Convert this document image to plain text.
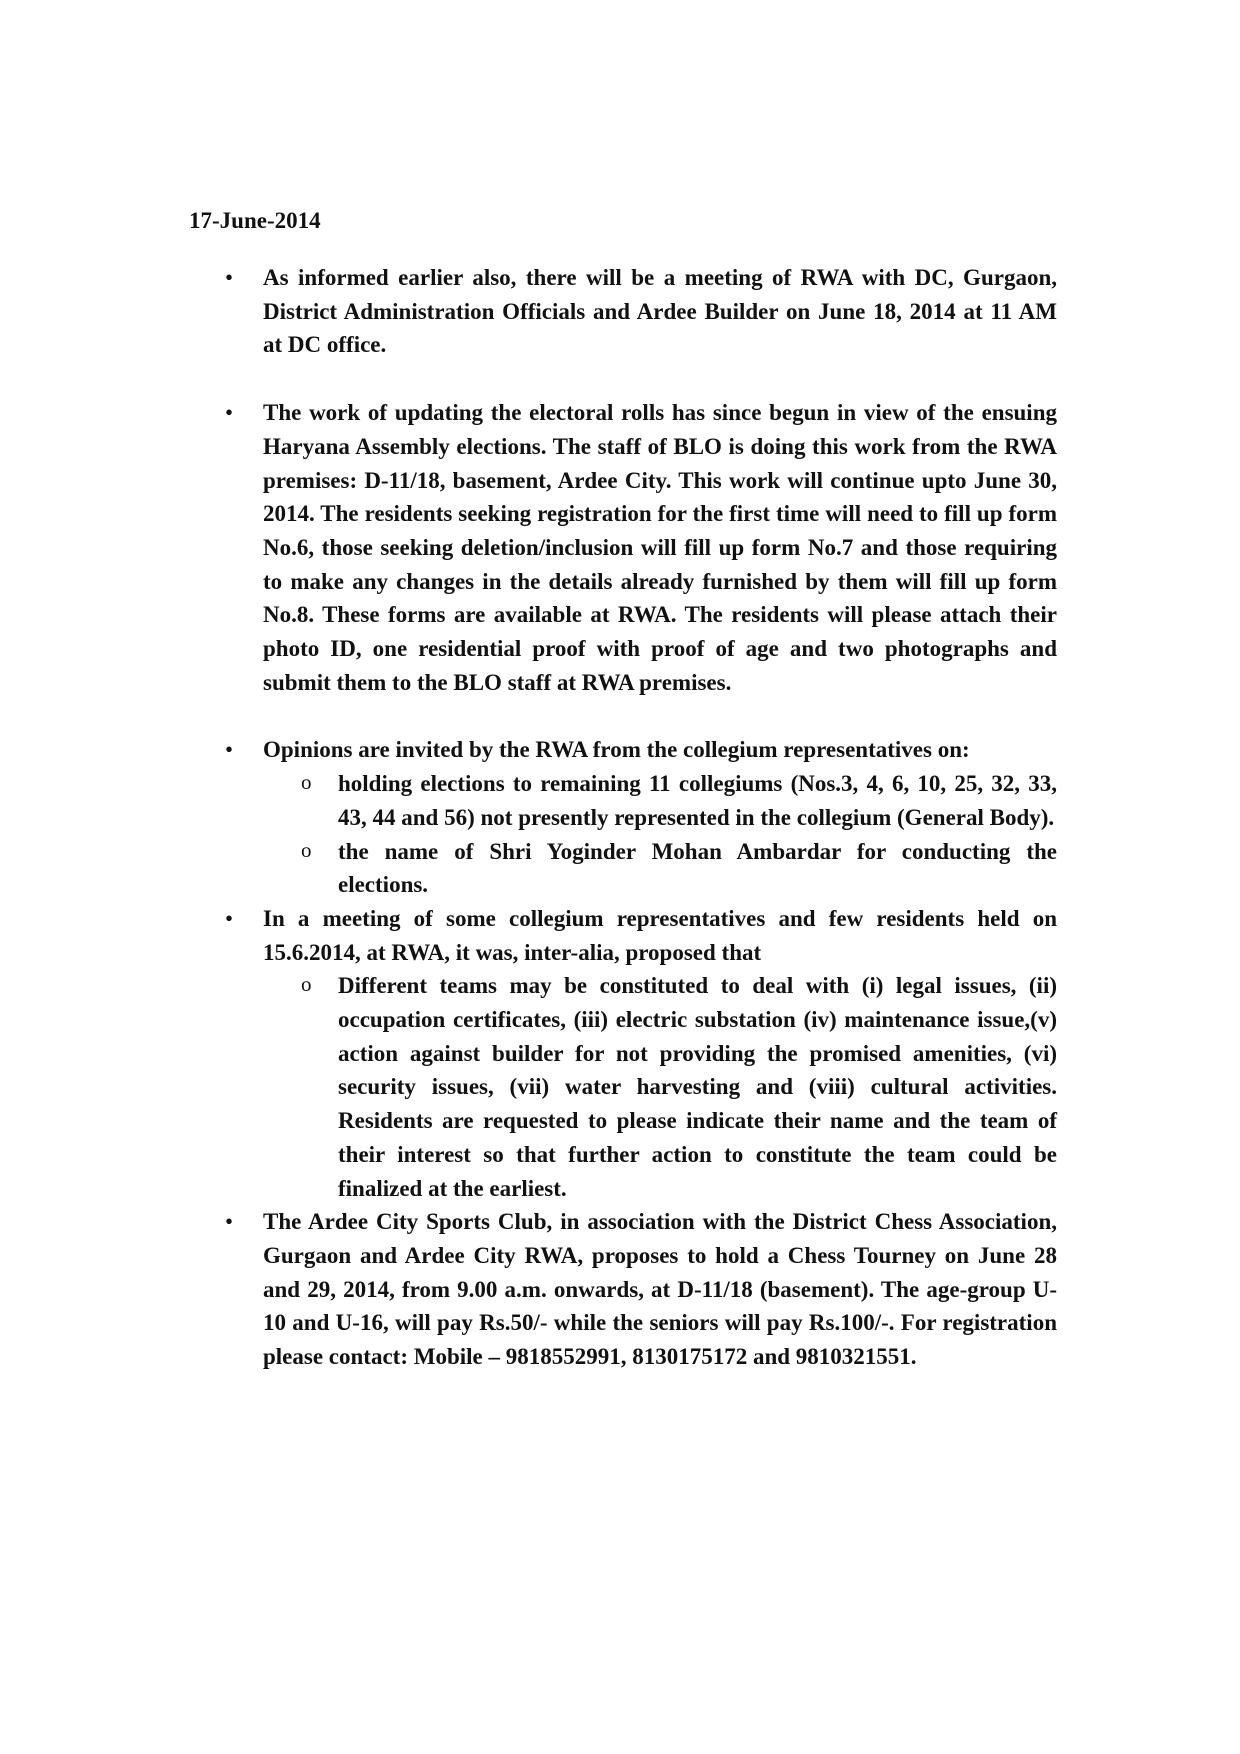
17-June-2014

• As informed earlier also, there will be a meeting of RWA with DC, Gurgaon, District Administration Officials and Ardee Builder on June 18, 2014 at 11 AM at DC office.
• The work of updating the electoral rolls has since begun in view of the ensuing Haryana Assembly elections. The staff of BLO is doing this work from the RWA premises: D-11/18, basement, Ardee City. This work will continue upto June 30, 2014. The residents seeking registration for the first time will need to fill up form No.6, those seeking deletion/inclusion will fill up form No.7 and those requiring to make any changes in the details already furnished by them will fill up form No.8. These forms are available at RWA. The residents will please attach their photo ID, one residential proof with proof of age and two photographs and submit them to the BLO staff at RWA premises.
• Opinions are invited by the RWA from the collegium representatives on:
o holding elections to remaining 11 collegiums (Nos.3, 4, 6, 10, 25, 32, 33, 43, 44 and 56) not presently represented in the collegium (General Body).
o the name of Shri Yoginder Mohan Ambardar for conducting the elections.
• In a meeting of some collegium representatives and few residents held on 15.6.2014, at RWA, it was, inter-alia, proposed that
o Different teams may be constituted to deal with (i) legal issues, (ii) occupation certificates, (iii) electric substation (iv) maintenance issue,(v) action against builder for not providing the promised amenities, (vi) security issues, (vii) water harvesting and (viii) cultural activities. Residents are requested to please indicate their name and the team of their interest so that further action to constitute the team could be finalized at the earliest.
• The Ardee City Sports Club, in association with the District Chess Association, Gurgaon and Ardee City RWA, proposes to hold a Chess Tourney on June 28 and 29, 2014, from 9.00 a.m. onwards, at D-11/18 (basement). The age-group U-10 and U-16, will pay Rs.50/- while the seniors will pay Rs.100/-. For registration please contact: Mobile – 9818552991, 8130175172 and 9810321551.
